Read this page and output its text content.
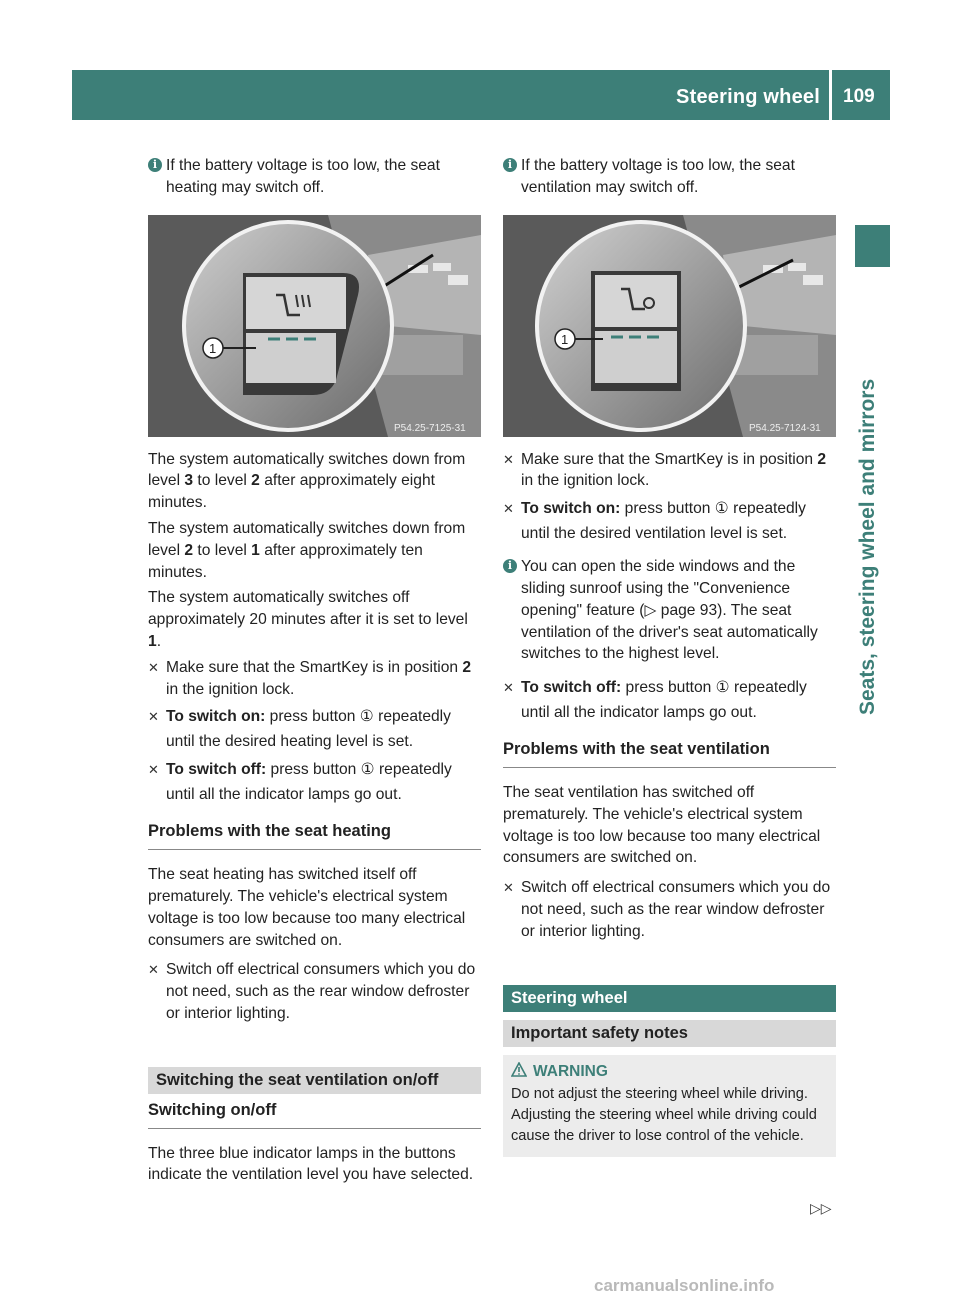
Steering wheel 109
Seats, steering wheel and mirrors
i If the battery voltage is too low, the seat heating may switch off.
1
P54.25-7125-31

The system automatically switches down from level 3 to level 2 after approximately eight minutes.

The system automatically switches down from level 2 to level 1 after approximately ten minutes.

The system automatically switches off approximately 20 minutes after it is set to level 1.

✕ Make sure that the SmartKey is in position 2 in the ignition lock.
✕ To switch on: press button ① repeatedly until the desired heating level is set.
✕ To switch off: press button ① repeatedly until all the indicator lamps go out.
Problems with the seat heating

The seat heating has switched itself off prematurely. The vehicle's electrical system voltage is too low because too many electrical consumers are switched on.

✕ Switch off electrical consumers which you do not need, such as the rear window defroster or interior lighting.
Switching the seat ventilation on/off
Switching on/off

The three blue indicator lamps in the buttons indicate the ventilation level you have selected.

i If the battery voltage is too low, the seat ventilation may switch off.
1
P54.25-7124-31
✕ Make sure that the SmartKey is in position 2 in the ignition lock.
✕ To switch on: press button ① repeatedly until the desired ventilation level is set.
i You can open the side windows and the sliding sunroof using the "Convenience opening" feature (▷ page 93). The seat ventilation of the driver's seat automatically switches to the highest level.
✕ To switch off: press button ① repeatedly until all the indicator lamps go out.
Problems with the seat ventilation

The seat ventilation has switched off prematurely. The vehicle's electrical system voltage is too low because too many electrical consumers are switched on.

✕ Switch off electrical consumers which you do not need, such as the rear window defroster or interior lighting.
Steering wheel
Important safety notes
WARNING
Do not adjust the steering wheel while driving. Adjusting the steering wheel while driving could cause the driver to lose control of the vehicle.
▷▷
carmanualsonline.info
